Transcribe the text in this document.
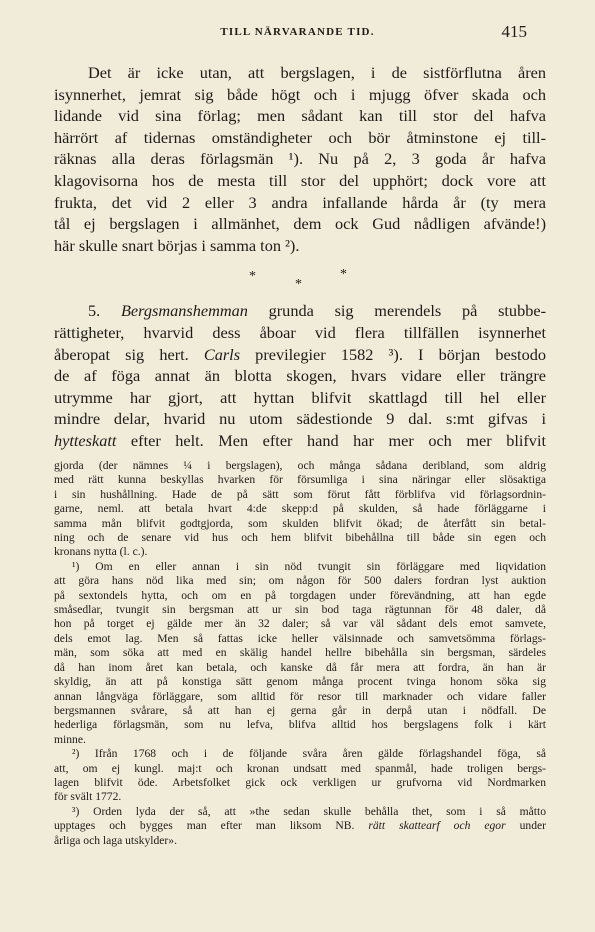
TILL NÄRVARANDE TID.	415

Det är icke utan, att bergslagen, i de sistförflutna åren
isynnerhet, jemrat sig både högt och i mjugg öfver skada och
lidande vid sina förlag; men sådant kan till stor del hafva
härrört af tidernas omständigheter och bör åtminstone ej till-
räknas alla deras förlagsmän ¹). Nu på 2, 3 goda år hafva
klagovisorna hos de mesta till stor del upphört; dock vore att
frukta, det vid 2 eller 3 andra infallande hårda år (ty mera
tål ej bergslagen i allmänhet, dem ock Gud nådligen afvände!)
här skulle snart börjas i samma ton ²).

*
*
*

5. Bergsmanshemman grunda sig merendels på stubbe-
rättigheter, hvarvid dess åboar vid flera tillfällen isynnerhet
åberopat sig hert. Carls previlegier 1582 ³). I början bestodo
de af föga annat än blotta skogen, hvars vidare eller trängre
utrymme har gjort, att hyttan blifvit skattlagd till hel eller
mindre delar, hvarid nu utom sädestionde 9 dal. s:mt gifvas i
hytteskatt efter helt. Men efter hand har mer och mer blifvit

gjorda (der nämnes ¼ i bergslagen), och många sådana deribland, som aldrig
med rätt kunna beskyllas hvarken för försumliga i sina näringar eller slösaktiga
i sin hushållning. Hade de på sätt som förut fått förblifva vid förlagsordnin-
garne, neml. att betala hvart 4:de skepp:d på skulden, så hade förläggarne i
samma mån blifvit godtgjorda, som skulden blifvit ökad; de återfått sin betal-
ning och de senare vid hus och hem blifvit bibehållna till både sin egen och
kronans nytta (l. c.).
¹) Om en eller annan i sin nöd tvungit sin förläggare med liqvidation
att göra hans nöd lika med sin; om någon för 500 dalers fordran lyst auktion
på sextondels hytta, och om en på torgdagen under förevändning, att han egde
småsedlar, tvungit sin bergsman att ur sin bod taga rägtunnan för 48 daler, då
hon på torget ej gälde mer än 32 daler; så var väl sådant dels emot samvete,
dels emot lag. Men så fattas icke heller välsinnade och samvetsömma förlags-
män, som söka att med en skälig handel hellre bibehålla sin bergsman, särdeles
då han inom året kan betala, och kanske då får mera att fordra, än han är
skyldig, än att på konstiga sätt genom många procent tvinga honom söka sig
annan långväga förläggare, som alltid för resor till marknader och vidare faller
bergsmannen svårare, så att han ej gerna går in derpå utan i nödfall. De
hederliga förlagsmän, som nu lefva, blifva alltid hos bergslagens folk i kärt
minne.
²) Ifrån 1768 och i de följande svåra åren gälde förlagshandel föga, så
att, om ej kungl. maj:t och kronan undsatt med spanmål, hade troligen bergs-
lagen blifvit öde. Arbetsfolket gick ock verkligen ur grufvorna vid Nordmarken
för svält 1772.
³) Orden lyda der så, att »the sedan skulle behålla thet, som i så måtto
upptages och bygges man efter man liksom NB. rätt skattearf och egor under
årliga och laga utskylder».
